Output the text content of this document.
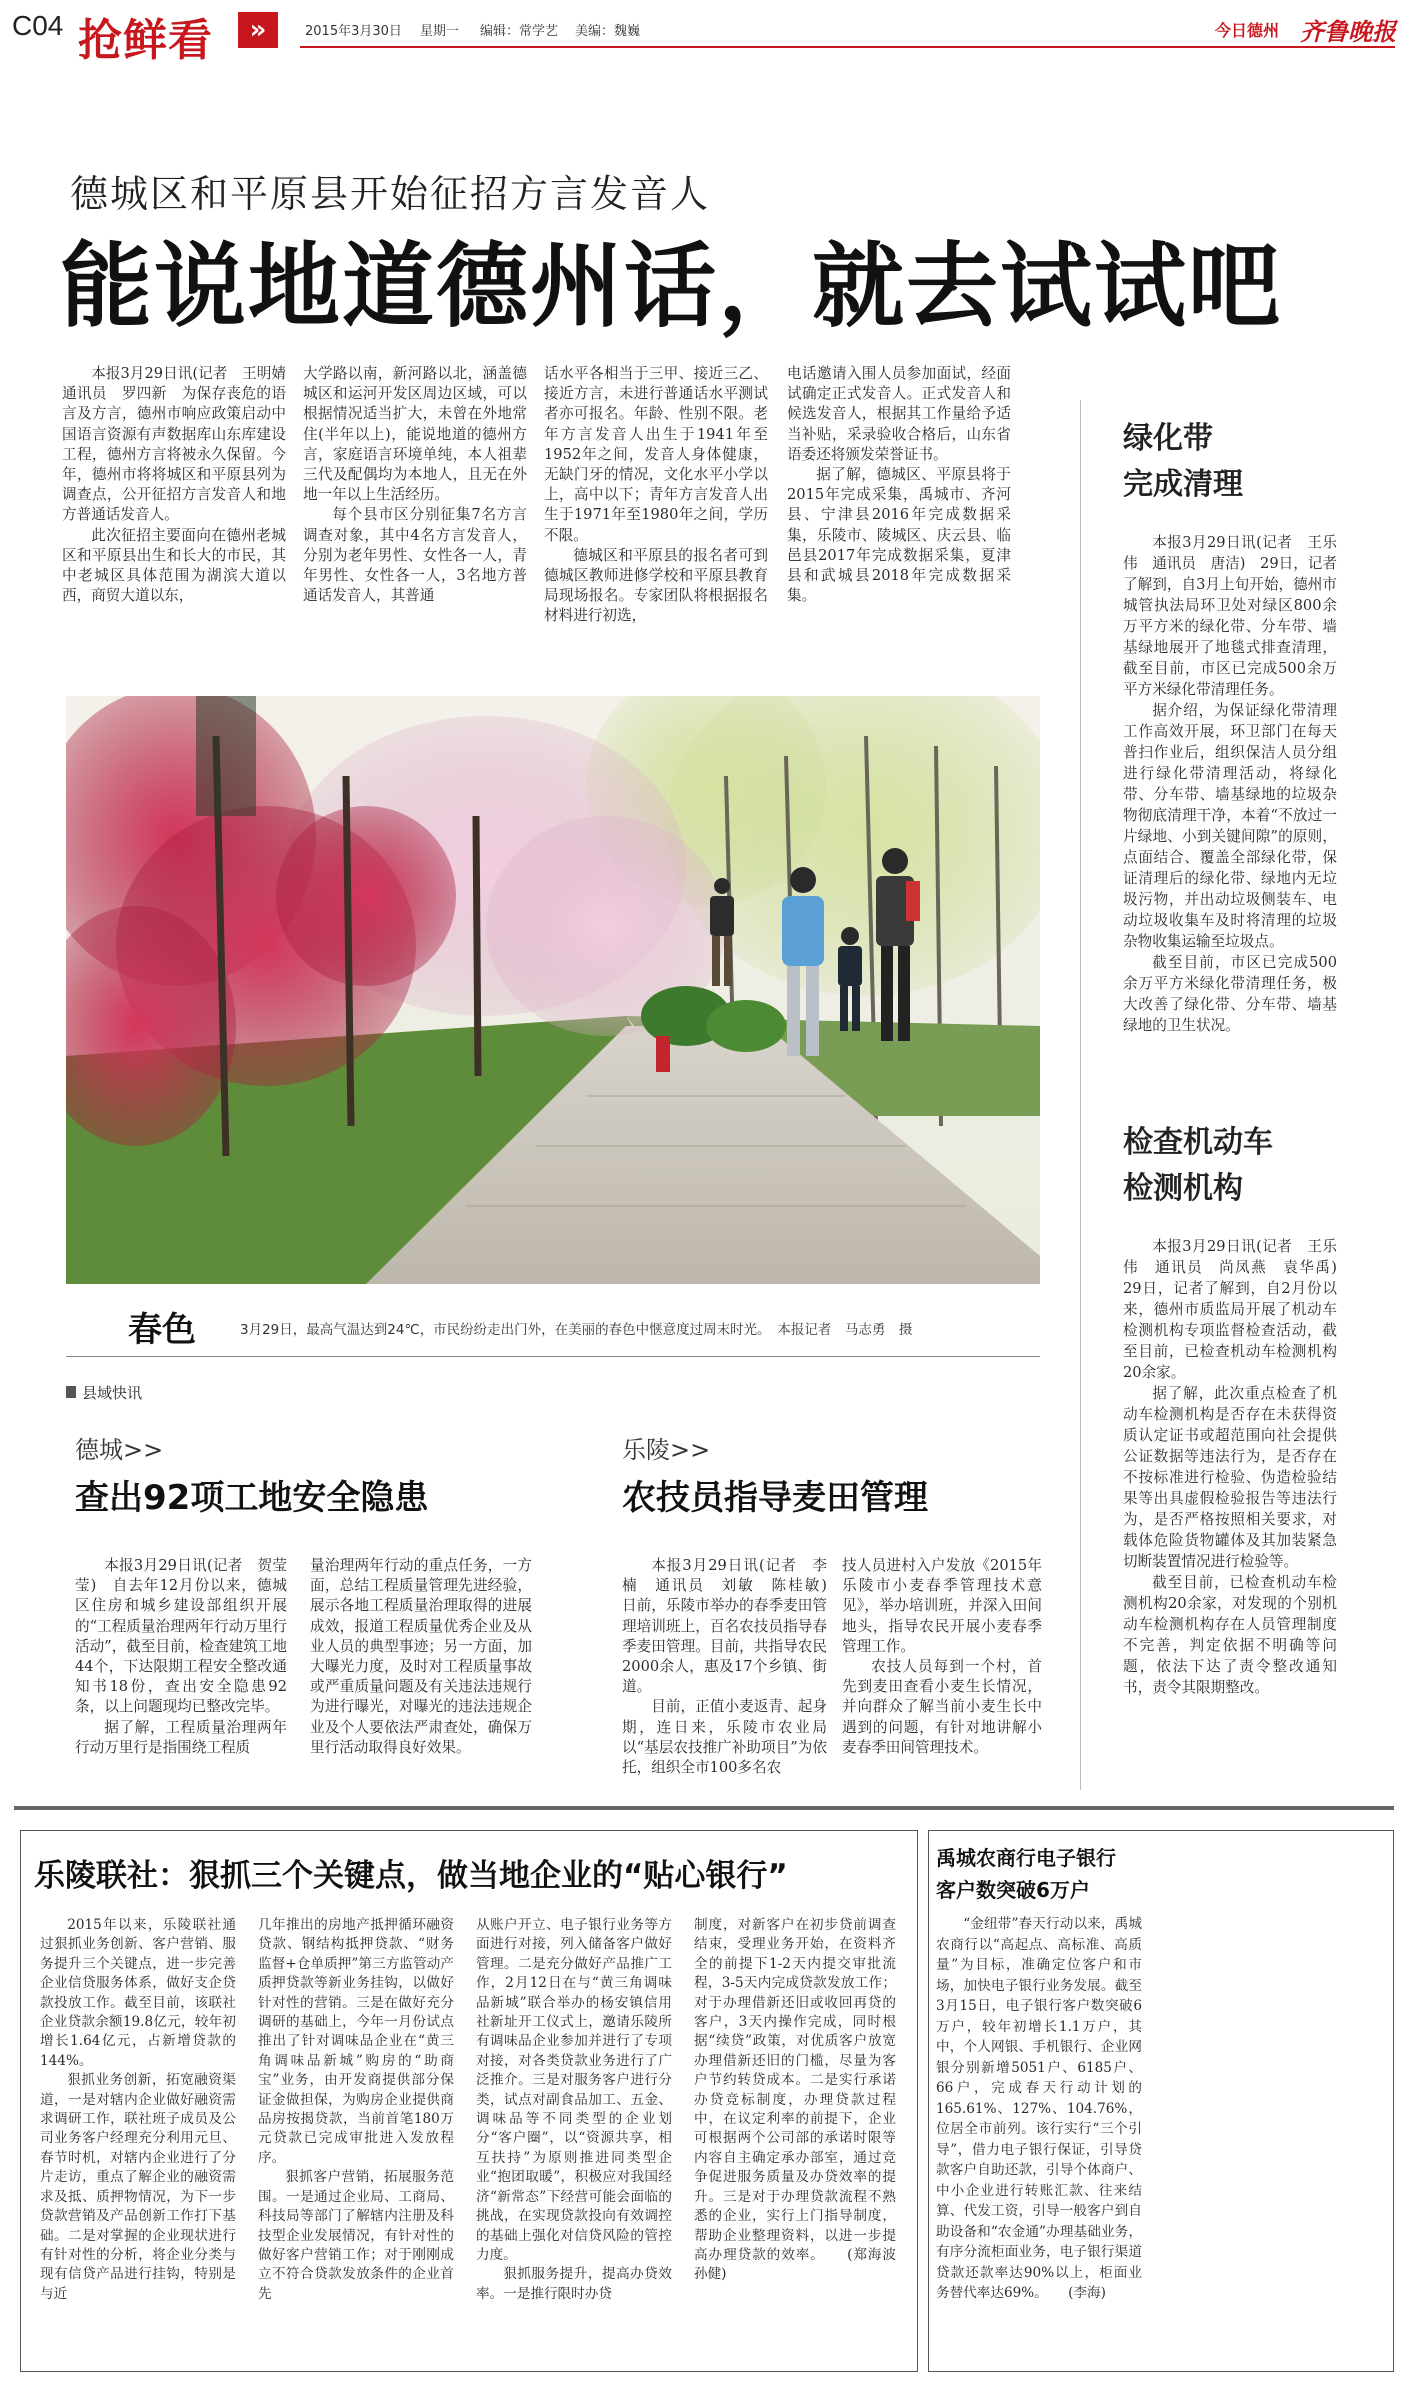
C04 抢鲜看	»	2015年3月30日 星期一 编辑：常学艺 美编：魏巍	今日德州 齐鲁晚报
德城区和平原县开始征招方言发音人
能说地道德州话，就去试试吧

本报3月29日讯(记者　王明婧　通讯员　罗四新　为保存丧危的语言及方言，德州市响应政策启动中国语言资源有声数据库山东库建设工程，德州方言将被永久保留。今年，德州市将将城区和平原县列为调查点，公开征招方言发音人和地方普通话发音人。

此次征招主要面向在德州老城区和平原县出生和长大的市民，其中老城区具体范围为湖滨大道以西，商贸大道以东，

大学路以南，新河路以北，涵盖德城区和运河开发区周边区域，可以根据情况适当扩大，未曾在外地常住(半年以上)，能说地道的德州方言，家庭语言环境单纯，本人祖辈三代及配偶均为本地人，且无在外地一年以上生活经历。

每个县市区分别征集7名方言调查对象，其中4名方言发音人，分别为老年男性、女性各一人，青年男性、女性各一人，3名地方普通话发音人，其普通

话水平各相当于三甲、接近三乙、接近方言，未进行普通话水平测试者亦可报名。年龄、性别不限。老年方言发音人出生于1941年至1952年之间，发音人身体健康，无缺门牙的情况，文化水平小学以上，高中以下；青年方言发音人出生于1971年至1980年之间，学历不限。

德城区和平原县的报名者可到德城区教师进修学校和平原县教育局现场报名。专家团队将根据报名材料进行初选，

电话邀请入围人员参加面试，经面试确定正式发音人。正式发音人和候选发音人，根据其工作量给予适当补贴，采录验收合格后，山东省语委还将颁发荣誉证书。

据了解，德城区、平原县将于2015年完成采集，禹城市、齐河县、宁津县2016年完成数据采集，乐陵市、陵城区、庆云县、临邑县2017年完成数据采集，夏津县和武城县2018年完成数据采集。

春色	3月29日，最高气温达到24℃，市民纷纷走出门外，在美丽的春色中惬意度过周末时光。　本报记者　马志勇　摄
绿化带
完成清理

本报3月29日讯(记者　王乐伟　通讯员　唐洁)　29日，记者了解到，自3月上旬开始，德州市城管执法局环卫处对绿区800余万平方米的绿化带、分车带、墙基绿地展开了地毯式排查清理，截至目前，市区已完成500余万平方米绿化带清理任务。

据介绍，为保证绿化带清理工作高效开展，环卫部门在每天普扫作业后，组织保洁人员分组进行绿化带清理活动，将绿化带、分车带、墙基绿地的垃圾杂物彻底清理干净，本着“不放过一片绿地、小到关键间隙”的原则，点面结合、覆盖全部绿化带，保证清理后的绿化带、绿地内无垃圾污物，并出动垃圾侧装车、电动垃圾收集车及时将清理的垃圾杂物收集运输至垃圾点。

截至目前，市区已完成500余万平方米绿化带清理任务，极大改善了绿化带、分车带、墙基绿地的卫生状况。

检查机动车
检测机构

本报3月29日讯(记者　王乐伟　通讯员　尚凤燕　袁华禹)　29日，记者了解到，自2月份以来，德州市质监局开展了机动车检测机构专项监督检查活动，截至目前，已检查机动车检测机构20余家。

据了解，此次重点检查了机动车检测机构是否存在未获得资质认定证书或超范围向社会提供公证数据等违法行为，是否存在不按标准进行检验、伪造检验结果等出具虚假检验报告等违法行为，是否严格按照相关要求，对载体危险货物罐体及其加装紧急切断装置情况进行检验等。

截至目前，已检查机动车检测机构20余家，对发现的个别机动车检测机构存在人员管理制度不完善，判定依据不明确等问题，依法下达了责令整改通知书，责令其限期整改。

县域快讯
德城>>
查出92项工地安全隐患

本报3月29日讯(记者　贺莹莹)　自去年12月份以来，德城区住房和城乡建设部组织开展的“工程质量治理两年行动万里行活动”，截至目前，检查建筑工地44个，下达限期工程安全整改通知书18份，查出安全隐患92条，以上问题现均已整改完毕。

据了解，工程质量治理两年行动万里行是指围绕工程质

量治理两年行动的重点任务，一方面，总结工程质量管理先进经验，展示各地工程质量治理取得的进展成效，报道工程质量优秀企业及从业人员的典型事迹；另一方面，加大曝光力度，及时对工程质量事故或严重质量问题及有关违法违规行为进行曝光，对曝光的违法违规企业及个人要依法严肃查处，确保万里行活动取得良好效果。

乐陵>>
农技员指导麦田管理

本报3月29日讯(记者　李楠　通讯员　刘敏　陈桂敏)　日前，乐陵市举办的春季麦田管理培训班上，百名农技员指导春季麦田管理。目前，共指导农民2000余人，惠及17个乡镇、街道。

目前，正值小麦返青、起身期，连日来，乐陵市农业局以“基层农技推广补助项目”为依托，组织全市100多名农

技人员进村入户发放《2015年乐陵市小麦春季管理技术意见》，举办培训班，并深入田间地头，指导农民开展小麦春季管理工作。

农技人员每到一个村，首先到麦田查看小麦生长情况，并向群众了解当前小麦生长中遇到的问题，有针对地讲解小麦春季田间管理技术。

乐陵联社：狠抓三个关键点，做当地企业的“贴心银行”

2015年以来，乐陵联社通过狠抓业务创新、客户营销、服务提升三个关键点，进一步完善企业信贷服务体系，做好支企贷款投放工作。截至目前，该联社企业贷款余额19.8亿元，较年初增长1.64亿元，占新增贷款的144%。

狠抓业务创新，拓宽融资渠道，一是对辖内企业做好融资需求调研工作，联社班子成员及公司业务客户经理充分利用元旦、春节时机，对辖内企业进行了分片走访，重点了解企业的融资需求及抵、质押物情况，为下一步贷款营销及产品创新工作打下基础。二是对掌握的企业现状进行有针对性的分析，将企业分类与现有信贷产品进行挂钩，特别是与近

几年推出的房地产抵押循环融资贷款、钢结构抵押贷款、“财务监督+仓单质押”第三方监管动产质押贷款等新业务挂钩，以做好针对性的营销。三是在做好充分调研的基础上，今年一月份试点推出了针对调味品企业在“黄三角调味品新城”购房的“助商宝”业务，由开发商提供部分保证金做担保，为购房企业提供商品房按揭贷款，当前首笔180万元贷款已完成审批进入发放程序。

狠抓客户营销，拓展服务范围。一是通过企业局、工商局、科技局等部门了解辖内注册及科技型企业发展情况，有针对性的做好客户营销工作；对于刚刚成立不符合贷款发放条件的企业首先

从账户开立、电子银行业务等方面进行对接，列入储备客户做好管理。二是充分做好产品推广工作，2月12日在与“黄三角调味品新城”联合举办的杨安镇信用社新址开工仪式上，邀请乐陵所有调味品企业参加并进行了专项对接，对各类贷款业务进行了广泛推介。三是对服务客户进行分类，试点对副食品加工、五金、调味品等不同类型的企业划分“客户圈”，以“资源共享，相互扶持”为原则推进同类型企业“抱团取暖”，积极应对我国经济“新常态”下经营可能会面临的挑战，在实现贷款投向有效调控的基础上强化对信贷风险的管控力度。

狠抓服务提升，提高办贷效率。一是推行限时办贷

制度，对新客户在初步贷前调查结束，受理业务开始，在资料齐全的前提下1-2天内提交审批流程，3-5天内完成贷款发放工作；对于办理借新还旧或收回再贷的客户，3天内操作完成，同时根据“续贷”政策，对优质客户放宽办理借新还旧的门槛，尽量为客户节约转贷成本。二是实行承诺办贷竞标制度，办理贷款过程中，在议定利率的前提下，企业可根据两个公司部的承诺时限等内容自主确定承办部室，通过竞争促进服务质量及办贷效率的提升。三是对于办理贷款流程不熟悉的企业，实行上门指导制度，帮助企业整理资料，以进一步提高办理贷款的效率。　　(郑海波　孙健)

禹城农商行电子银行
客户数突破6万户

“金纽带”春天行动以来，禹城农商行以“高起点、高标准、高质量”为目标，准确定位客户和市场，加快电子银行业务发展。截至3月15日，电子银行客户数突破6万户，较年初增长1.1万户，其中，个人网银、手机银行、企业网银分别新增5051户、6185户、66户，完成春天行动计划的165.61%、127%、104.76%，位居全市前列。该行实行“三个引导”，借力电子银行保证，引导贷款客户自助还款，引导个体商户、中小企业进行转账汇款、往来结算、代发工资，引导一般客户到自助设备和“农金通”办理基础业务，有序分流柜面业务，电子银行渠道贷款还款率达90%以上，柜面业务替代率达69%。　　(李海)
